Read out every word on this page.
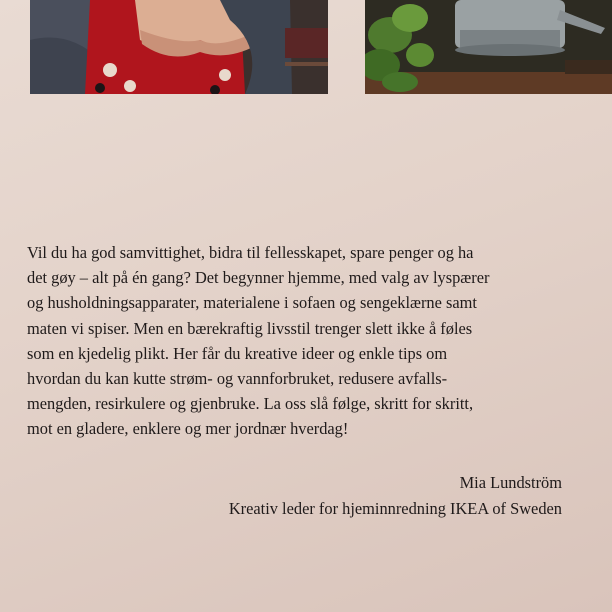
Vil du ha god samvittighet, bidra til fellesskapet, spare penger og ha
det gøy – alt på én gang? Det begynner hjemme, med valg av lyspærer
og husholdningsapparater, materialene i sofaen og sengeklærne samt
maten vi spiser. Men en bærekraftig livsstil trenger slett ikke å føles
som en kjedelig plikt. Her får du kreative ideer og enkle tips om
hvordan du kan kutte strøm- og vannforbruket, redusere avfalls-
mengden, resirkulere og gjenbruke. La oss slå følge, skritt for skritt,
mot en gladere, enklere og mer jordnær hverdag!

Mia Lundström
Kreativ leder for hjeminnredning IKEA of Sweden
